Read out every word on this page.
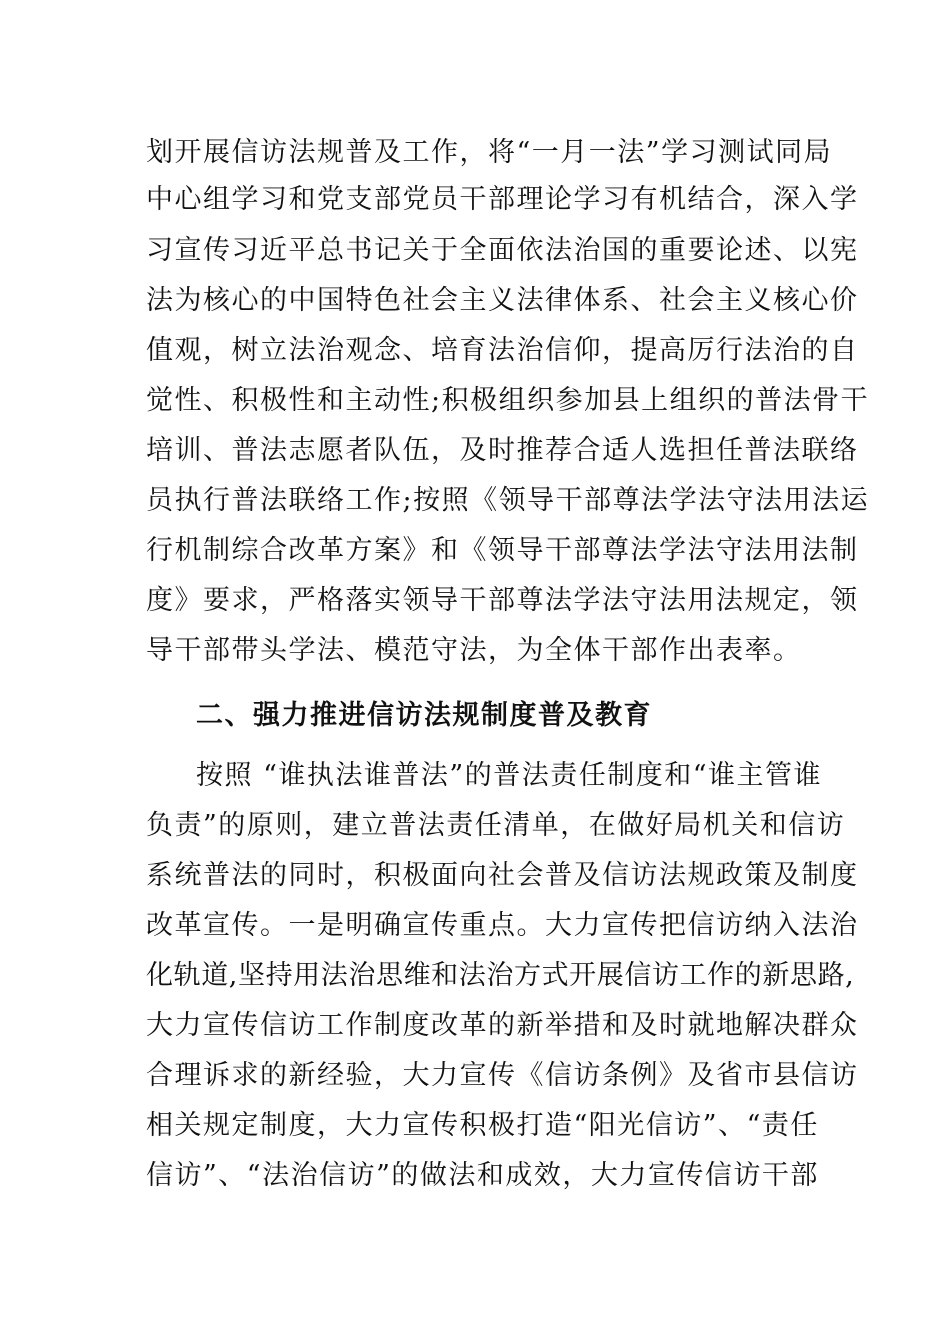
划开展信访法规普及工作，将“一月一法”学习测试同局
中心组学习和党支部党员干部理论学习有机结合，深入学
习宣传习近平总书记关于全面依法治国的重要论述、以宪
法为核心的中国特色社会主义法律体系、社会主义核心价
值观，树立法治观念、培育法治信仰，提高厉行法治的自
觉性、积极性和主动性;积极组织参加县上组织的普法骨干
培训、普法志愿者队伍，及时推荐合适人选担任普法联络
员执行普法联络工作;按照《领导干部尊法学法守法用法运
行机制综合改革方案》和《领导干部尊法学法守法用法制
度》要求，严格落实领导干部尊法学法守法用法规定，领
导干部带头学法、模范守法，为全体干部作出表率。
二、强力推进信访法规制度普及教育
按照 “谁执法谁普法”的普法责任制度和“谁主管谁
负责”的原则，建立普法责任清单，在做好局机关和信访
系统普法的同时，积极面向社会普及信访法规政策及制度
改革宣传。一是明确宣传重点。大力宣传把信访纳入法治
化轨道,坚持用法治思维和法治方式开展信访工作的新思路,
大力宣传信访工作制度改革的新举措和及时就地解决群众
合理诉求的新经验，大力宣传《信访条例》及省市县信访
相关规定制度，大力宣传积极打造“阳光信访”、“责任
信访”、“法治信访”的做法和成效，大力宣传信访干部
